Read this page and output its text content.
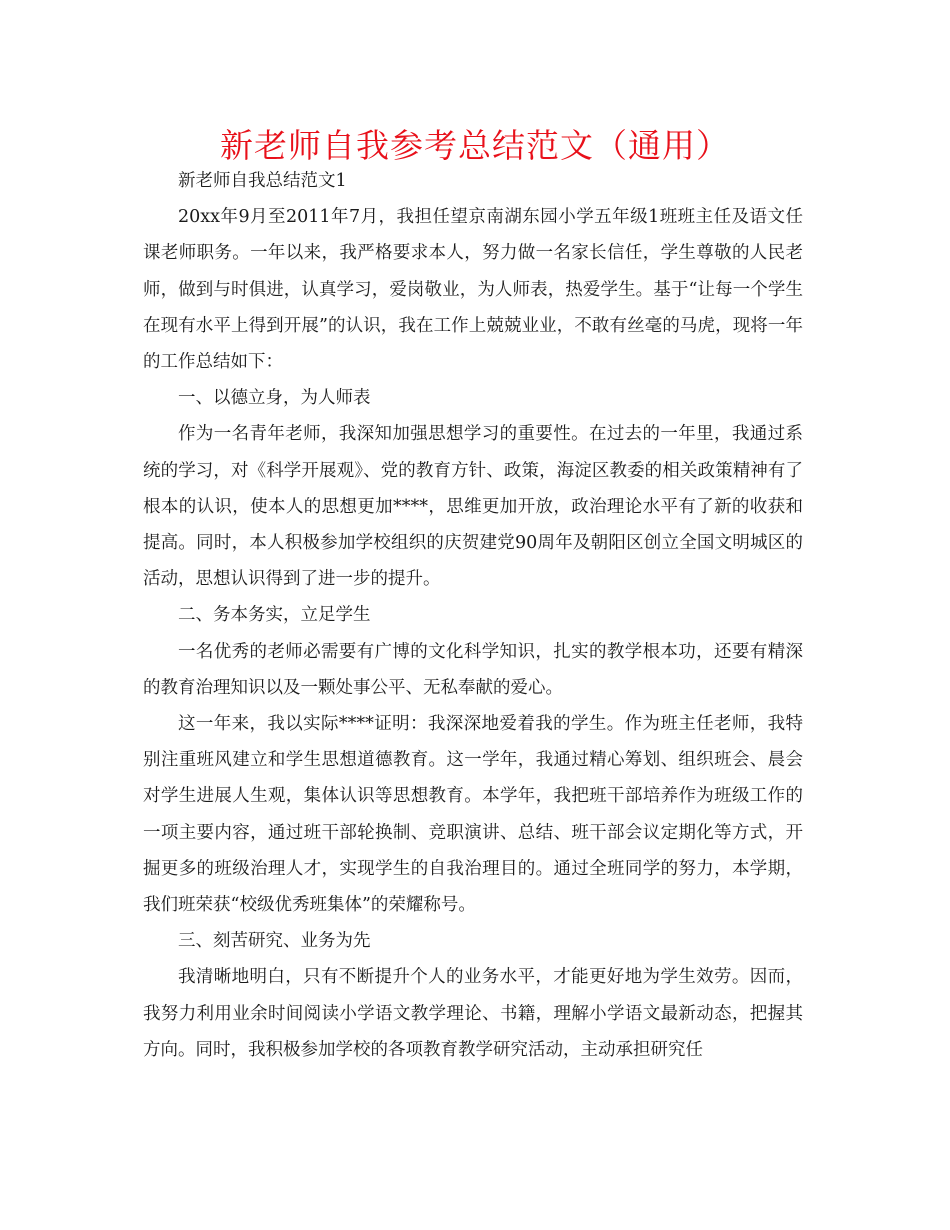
新老师自我参考总结范文（通用）

新老师自我总结范文1

20xx年9月至2011年7月，我担任望京南湖东园小学五年级1班班主任及语文任课老师职务。一年以来，我严格要求本人，努力做一名家长信任，学生尊敬的人民老师，做到与时俱进，认真学习，爱岗敬业，为人师表，热爱学生。基于“让每一个学生在现有水平上得到开展”的认识，我在工作上兢兢业业，不敢有丝毫的马虎，现将一年的工作总结如下：

一、以德立身，为人师表

作为一名青年老师，我深知加强思想学习的重要性。在过去的一年里，我通过系统的学习，对《科学开展观》、党的教育方针、政策，海淀区教委的相关政策精神有了根本的认识，使本人的思想更加****，思维更加开放，政治理论水平有了新的收获和提高。同时，本人积极参加学校组织的庆贺建党90周年及朝阳区创立全国文明城区的活动，思想认识得到了进一步的提升。

二、务本务实，立足学生

一名优秀的老师必需要有广博的文化科学知识，扎实的教学根本功，还要有精深的教育治理知识以及一颗处事公平、无私奉献的爱心。

这一年来，我以实际****证明：我深深地爱着我的学生。作为班主任老师，我特别注重班风建立和学生思想道德教育。这一学年，我通过精心筹划、组织班会、晨会对学生进展人生观，集体认识等思想教育。本学年，我把班干部培养作为班级工作的一项主要内容，通过班干部轮换制、竞职演讲、总结、班干部会议定期化等方式，开掘更多的班级治理人才，实现学生的自我治理目的。通过全班同学的努力，本学期，我们班荣获“校级优秀班集体”的荣耀称号。

三、刻苦研究、业务为先

我清晰地明白，只有不断提升个人的业务水平，才能更好地为学生效劳。因而，我努力利用业余时间阅读小学语文教学理论、书籍，理解小学语文最新动态，把握其方向。同时，我积极参加学校的各项教育教学研究活动，主动承担研究任
